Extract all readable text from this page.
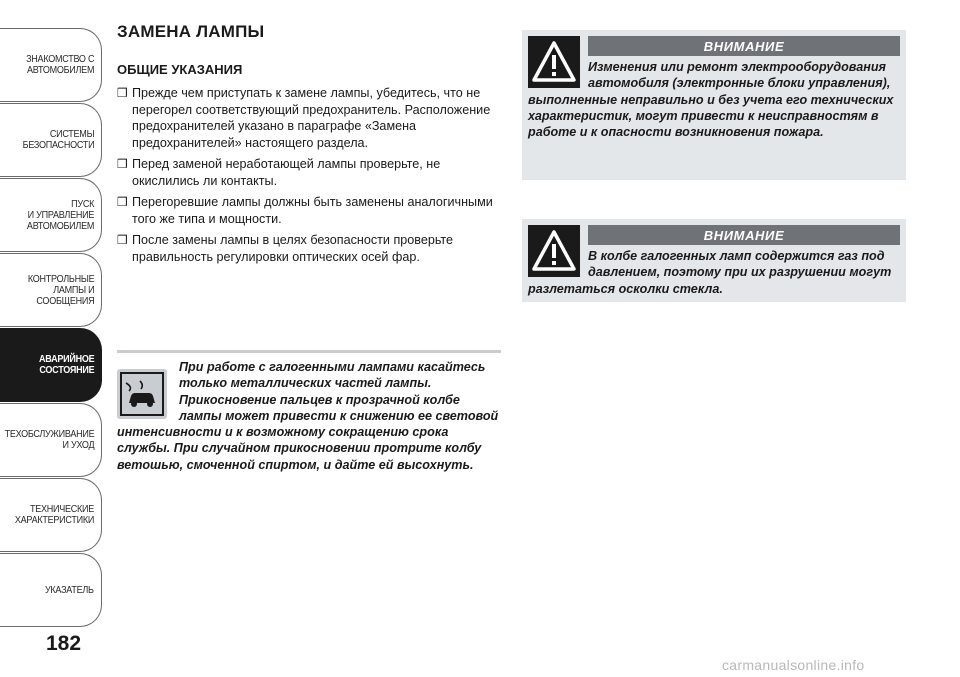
ЗНАКОМСТВО С
АВТОМОБИЛЕМ
СИСТЕМЫ
БЕЗОПАСНОСТИ
ПУСК
И УПРАВЛЕНИЕ
АВТОМОБИЛЕМ
КОНТРОЛЬНЫЕ
ЛАМПЫ И
СООБЩЕНИЯ
АВАРИЙНОЕ
СОСТОЯНИЕ
ТЕХОБСЛУЖИВАНИЕ
И УХОД
ТЕХНИЧЕСКИЕ
ХАРАКТЕРИСТИКИ
УКАЗАТЕЛЬ
182
ЗАМЕНА ЛАМПЫ
ОБЩИЕ УКАЗАНИЯ
❒ Прежде чем приступать к замене лампы, убедитесь, что не перегорел соответствующий предохранитель. Расположение предохранителей указано в параграфе «Замена предохранителей» настоящего раздела.
❒ Перед заменой неработающей лампы проверьте, не окислились ли контакты.
❒ Перегоревшие лампы должны быть заменены аналогичными того же типа и мощности.
❒ После замены лампы в целях безопасности проверьте правильность регулировки оптических осей фар.
При работе с галогенными лампами касайтесь только металлических частей лампы. Прикосновение пальцев к прозрачной колбе лампы может привести к снижению ее световой интенсивности и к возможному сокращению срока службы. При случайном прикосновении протрите колбу ветошью, смоченной спиртом, и дайте ей высохнуть.
ВНИМАНИЕ
Изменения или ремонт электрооборудования автомобиля (электронные блоки управления), выполненные неправильно и без учета его технических характеристик, могут привести к неисправностям в работе и к опасности возникновения пожара.
ВНИМАНИЕ
В колбе галогенных ламп содержится газ под давлением, поэтому при их разрушении могут разлетаться осколки стекла.
carmanualsonline.info
